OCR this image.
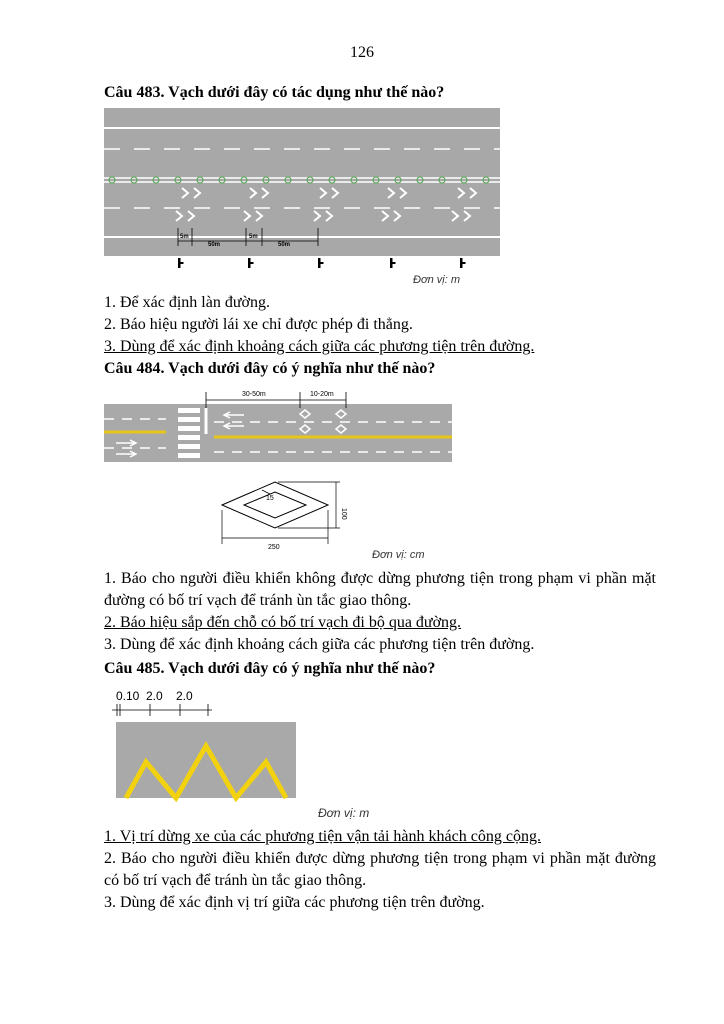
126
Câu 483. Vạch dưới đây có tác dụng như thế nào?
5m
50m
5m
50m
Đơn vị: m
1. Để xác định làn đường.
2. Báo hiệu người lái xe chỉ được phép đi thẳng.
3. Dùng để xác định khoảng cách giữa các phương tiện trên đường.
Câu 484. Vạch dưới đây có ý nghĩa như thế nào?
30-50m	10-20m
15
100
250
Đơn vị: cm
1. Báo cho người điều khiển không được dừng phương tiện trong phạm vi phần mặt đường có bố trí vạch để tránh ùn tắc giao thông.
2. Báo hiệu sắp đến chỗ có bố trí vạch đi bộ qua đường.
3. Dùng để xác định khoảng cách giữa các phương tiện trên đường.
Câu 485. Vạch dưới đây có ý nghĩa như thế nào?
0.10 2.0 2.0
Đơn vị: m
1. Vị trí dừng xe của các phương tiện vận tải hành khách công cộng.
2. Báo cho người điều khiển được dừng phương tiện trong phạm vi phần mặt đường có bố trí vạch để tránh ùn tắc giao thông.
3. Dùng để xác định vị trí giữa các phương tiện trên đường.
